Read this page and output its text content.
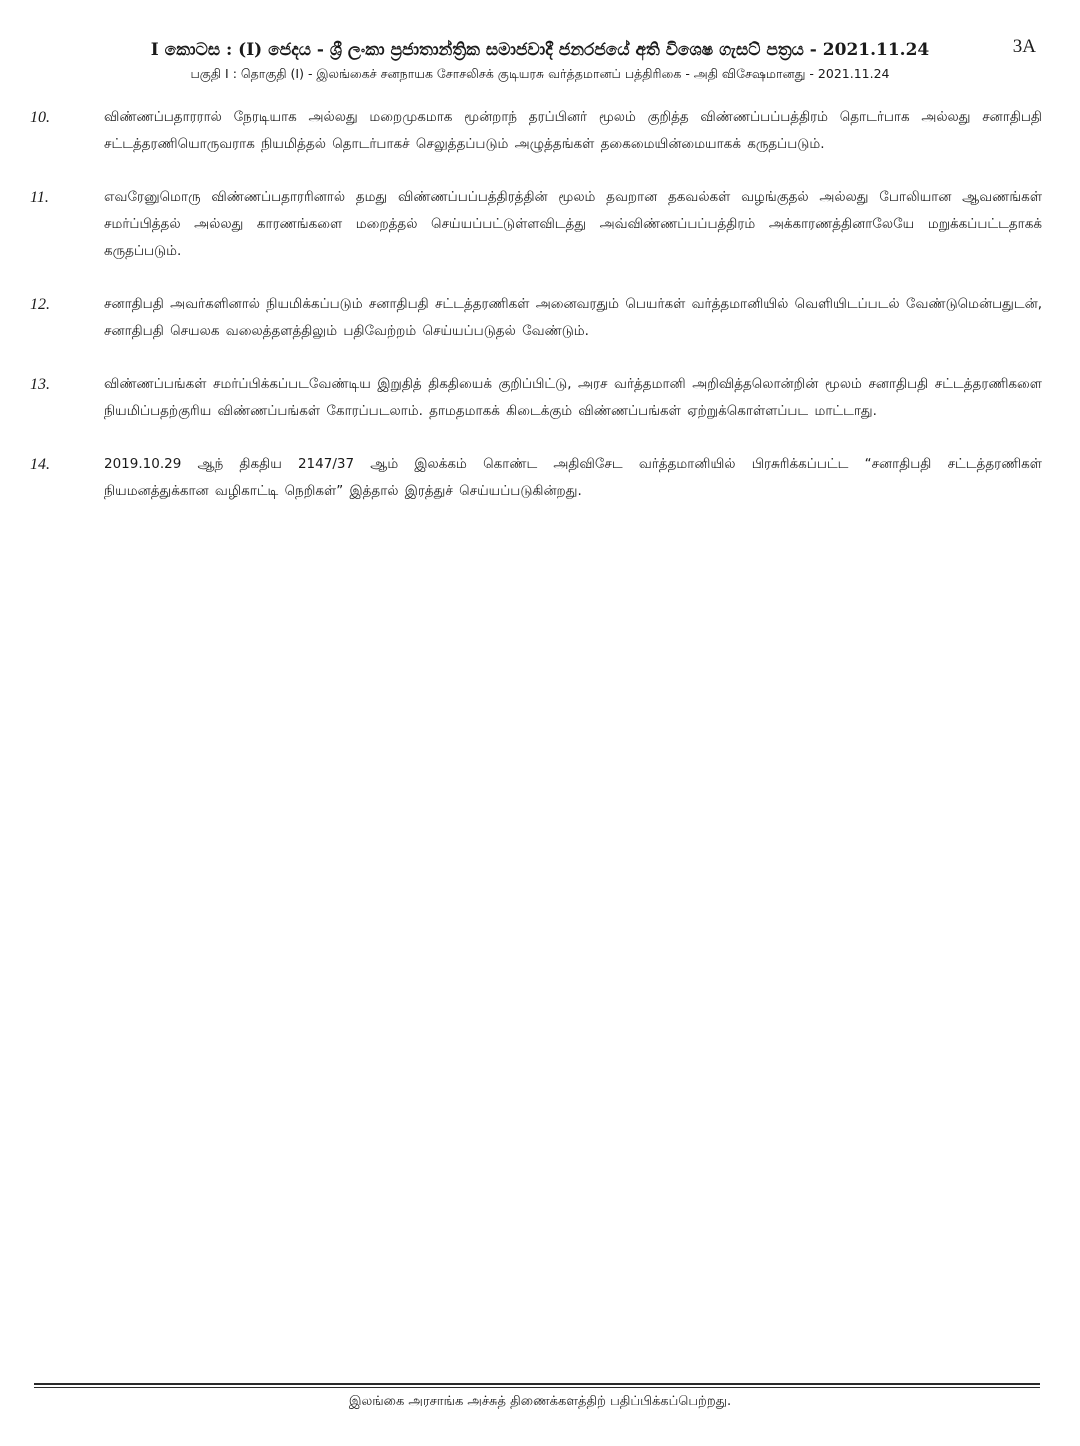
I කොටස : (I) ජෙදය - ශ්‍රී ලංකා ප්‍රජාතාන්ත්‍රික සමාජවාදී ජනරජයේ අති විශෙෂ ගැසට් පත්‍රය - 2021.11.24
பகுதி I : தொகுதி (I) - இலங்கைச் சனநாயக சோசலிசக் குடியரசு வர்த்தமானப் பத்திரிகை - அதி விசேஷமானது - 2021.11.24
3A
10.	விண்ணப்பதாரரால் நேரடியாக அல்லது மறைமுகமாக மூன்றாந் தரப்பினர் மூலம் குறித்த விண்ணப்பப்பத்திரம் தொடர்பாக அல்லது சனாதிபதி சட்டத்தரணியொருவராக நியமித்தல் தொடர்பாகச் செலுத்தப்படும் அழுத்தங்கள் தகைமையின்மையாகக் கருதப்படும்.
11.	எவரேனுமொரு விண்ணப்பதாரரினால் தமது விண்ணப்பப்பத்திரத்தின் மூலம் தவறான தகவல்கள் வழங்குதல் அல்லது போலியான ஆவணங்கள் சமர்ப்பித்தல் அல்லது காரணங்களை மறைத்தல் செய்யப்பட்டுள்ளவிடத்து அவ்விண்ணப்பப்பத்திரம் அக்காரணத்தினாலேயே மறுக்கப்பட்டதாகக் கருதப்படும்.
12.	சனாதிபதி அவர்களினால் நியமிக்கப்படும் சனாதிபதி சட்டத்தரணிகள் அனைவரதும் பெயர்கள் வர்த்தமானியில் வெளியிடப்படல் வேண்டுமென்பதுடன், சனாதிபதி செயலக வலைத்தளத்திலும் பதிவேற்றம் செய்யப்படுதல் வேண்டும்.
13.	விண்ணப்பங்கள் சமர்ப்பிக்கப்படவேண்டிய இறுதித் திகதியைக் குறிப்பிட்டு, அரச வர்த்தமானி அறிவித்தலொன்றின் மூலம் சனாதிபதி சட்டத்தரணிகளை நியமிப்பதற்குரிய விண்ணப்பங்கள் கோரப்படலாம். தாமதமாகக் கிடைக்கும் விண்ணப்பங்கள் ஏற்றுக்கொள்ளப்பட மாட்டாது.
14.	2019.10.29 ஆந் திகதிய 2147/37 ஆம் இலக்கம் கொண்ட அதிவிசேட வர்த்தமானியில் பிரசுரிக்கப்பட்ட “சனாதிபதி சட்டத்தரணிகள் நியமனத்துக்கான வழிகாட்டி நெறிகள்” இத்தால் இரத்துச் செய்யப்படுகின்றது.
இலங்கை அரசாங்க அச்சுத் திணைக்களத்திற் பதிப்பிக்கப்பெற்றது.
